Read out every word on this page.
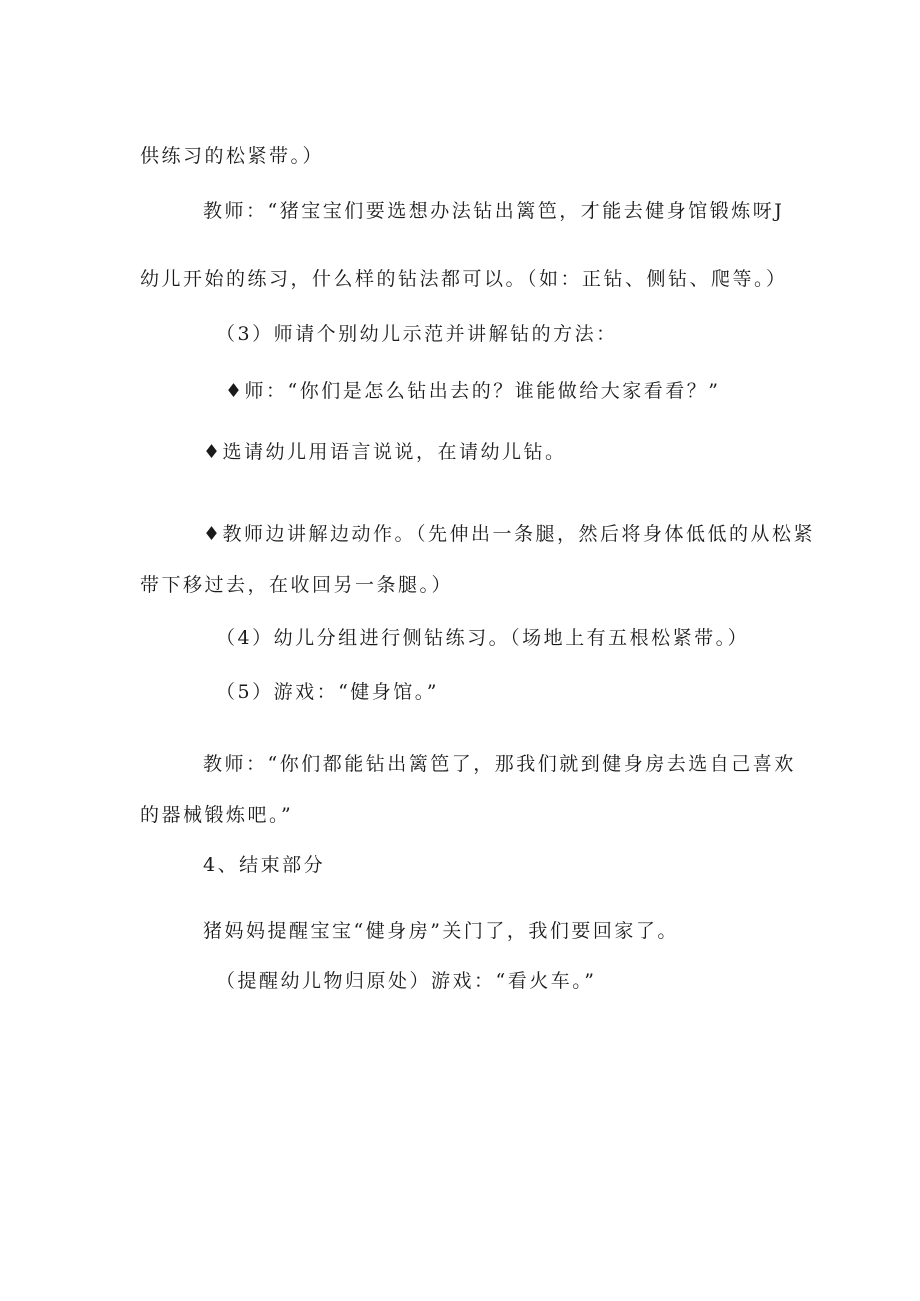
供练习的松紧带。）
教师：“猪宝宝们要选想办法钻出篱笆，才能去健身馆锻炼呀J
幼儿开始的练习，什么样的钻法都可以。（如：正钻、侧钻、爬等。）
（3）师请个别幼儿示范并讲解钻的方法：
♦师：“你们是怎么钻出去的？谁能做给大家看看？”
♦选请幼儿用语言说说，在请幼儿钻。
♦教师边讲解边动作。（先伸出一条腿，然后将身体低低的从松紧
带下移过去，在收回另一条腿。）
（4）幼儿分组进行侧钻练习。（场地上有五根松紧带。）
（5）游戏：“健身馆。”
教师：“你们都能钻出篱笆了，那我们就到健身房去选自己喜欢
的器械锻炼吧。”
4、结束部分
猪妈妈提醒宝宝“健身房”关门了，我们要回家了。
（提醒幼儿物归原处）游戏：“看火车。”
